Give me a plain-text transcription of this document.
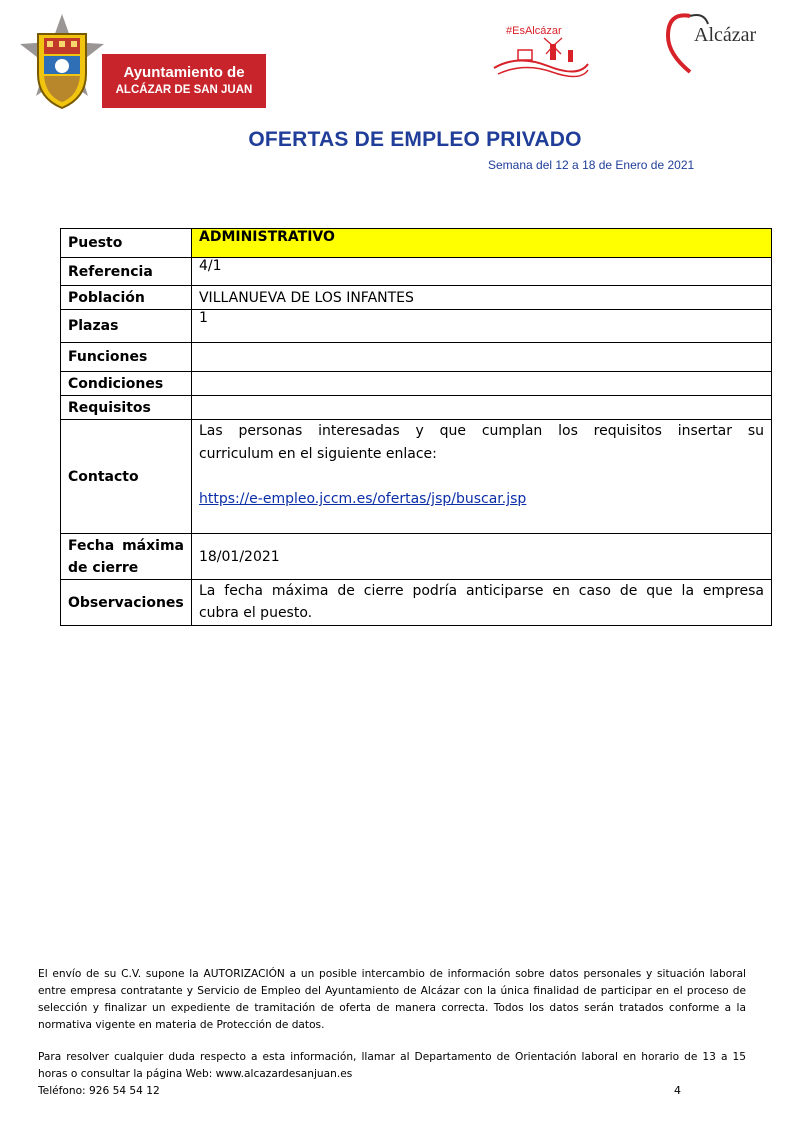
Ayuntamiento de
ALCÁZAR DE SAN JUAN
#EsAlcázar	Alcázar
OFERTAS DE EMPLEO PRIVADO
Semana del 12 a 18 de Enero de 2021
Puesto	ADMINISTRATIVO
Referencia	4/1
Población	VILLANUEVA DE LOS INFANTES
Plazas	1
Funciones	
Condiciones	
Requisitos	
Contacto	Las personas interesadas y que cumplan los requisitos insertar su
curriculum en el siguiente enlace:
https://e-empleo.jccm.es/ofertas/jsp/buscar.jsp

Fecha máxima
de cierre	18/01/2021
Observaciones	La fecha máxima de cierre podría anticiparse en caso de que la empresa
cubra el puesto.
El envío de su C.V. supone la AUTORIZACIÓN a un posible intercambio de información sobre datos personales y situación laboral entre empresa contratante y Servicio de Empleo del Ayuntamiento de Alcázar con la única finalidad de participar en el proceso de selección y finalizar un expediente de tramitación de oferta de manera correcta. Todos los datos serán tratados conforme a la normativa vigente en materia de Protección de datos.
Para resolver cualquier duda respecto a esta información, llamar al Departamento de Orientación laboral en horario de 13 a 15 horas o consultar la página Web: www.alcazardesanjuan.es
Teléfono: 926 54 54 12	4
